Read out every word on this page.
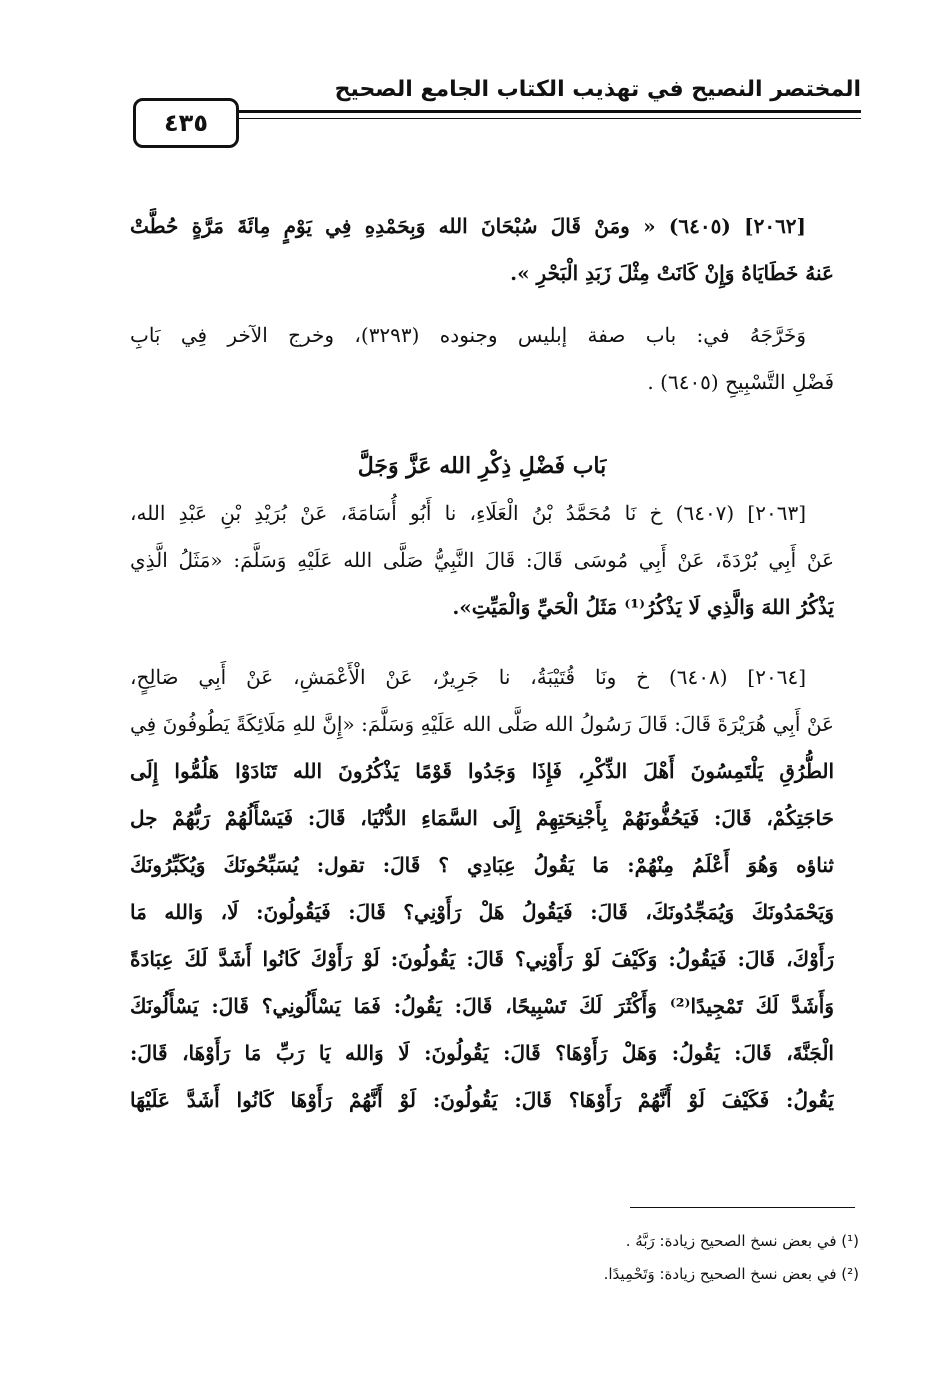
المختصر النصيح في تهذيب الكتاب الجامع الصحيح
٤٣٥
[٢٠٦٢] (٦٤٠٥) « ومَنْ قَالَ سُبْحَانَ الله وَبِحَمْدِهِ فِي يَوْمٍ مِائَةَ مَرَّةٍ حُطَّتْ
عَنهُ خَطَايَاهُ وَإِنْ كَانَتْ مِثْلَ زَبَدِ الْبَحْرِ ».
وَخَرَّجَهُ في: باب صفة إبليس وجنوده (٣٢٩٣)، وخرج الآخر فِي بَابِ
فَضْلِ التَّسْبِيحِ (٦٤٠٥) .
بَاب فَضْلِ ذِكْرِ الله عَزَّ وَجَلَّ
[٢٠٦٣] (٦٤٠٧) خ نَا مُحَمَّدُ بْنُ الْعَلَاءِ، نا أَبُو أُسَامَةَ، عَنْ بُرَيْدِ بْنِ عَبْدِ الله،
عَنْ أَبِي بُرْدَةَ، عَنْ أَبِي مُوسَى قَالَ: قَالَ النَّبِيُّ صَلَّى الله عَلَيْهِ وَسَلَّمَ: «مَثَلُ الَّذِي
يَذْكُرُ اللهَ وَالَّذِي لَا يَذْكُرُ⁽¹⁾ مَثَلُ الْحَيِّ وَالْمَيِّتِ».
[٢٠٦٤] (٦٤٠٨) خ ونَا قُتَيْبَةُ، نا جَرِيرٌ، عَنْ الْأَعْمَشِ، عَنْ أَبِي صَالِحٍ،
عَنْ أَبِي هُرَيْرَةَ قَالَ: قَالَ رَسُولُ الله صَلَّى الله عَلَيْهِ وَسَلَّمَ: «إِنَّ للهِ مَلَائِكَةً يَطُوفُونَ فِي
الطُّرُقِ يَلْتَمِسُونَ أَهْلَ الذِّكْرِ، فَإِذَا وَجَدُوا قَوْمًا يَذْكُرُونَ الله تَنَادَوْا هَلُمُّوا إِلَى
حَاجَتِكُمْ، قَالَ: فَيَحُفُّونَهُمْ بِأَجْنِحَتِهِمْ إِلَى السَّمَاءِ الدُّنْيَا، قَالَ: فَيَسْأَلُهُمْ رَبُّهُمْ جل
ثناؤه وَهُوَ أَعْلَمُ مِنْهُمْ: مَا يَقُولُ عِبَادِي ؟ قَالَ: تقول: يُسَبِّحُونَكَ وَيُكَبِّرُونَكَ
وَيَحْمَدُونَكَ وَيُمَجِّدُونَكَ، قَالَ: فَيَقُولُ هَلْ رَأَوْنِي؟ قَالَ: فَيَقُولُونَ: لَا، وَالله مَا
رَأَوْكَ، قَالَ: فَيَقُولُ: وَكَيْفَ لَوْ رَأَوْنِي؟ قَالَ: يَقُولُونَ: لَوْ رَأَوْكَ كَانُوا أَشَدَّ لَكَ عِبَادَةً
وَأَشَدَّ لَكَ تَمْجِيدًا⁽²⁾ وَأَكْثَرَ لَكَ تَسْبِيحًا، قَالَ: يَقُولُ: فَمَا يَسْأَلُونِي؟ قَالَ: يَسْأَلُونَكَ
الْجَنَّةَ، قَالَ: يَقُولُ: وَهَلْ رَأَوْهَا؟ قَالَ: يَقُولُونَ: لَا وَالله يَا رَبِّ مَا رَأَوْهَا، قَالَ:
يَقُولُ: فَكَيْفَ لَوْ أَنَّهُمْ رَأَوْهَا؟ قَالَ: يَقُولُونَ: لَوْ أَنَّهُمْ رَأَوْهَا كَانُوا أَشَدَّ عَلَيْهَا
(¹) في بعض نسخ الصحيح زيادة: رَبَّهُ .
(²) في بعض نسخ الصحيح زيادة: وَتَحْمِيدًا.
